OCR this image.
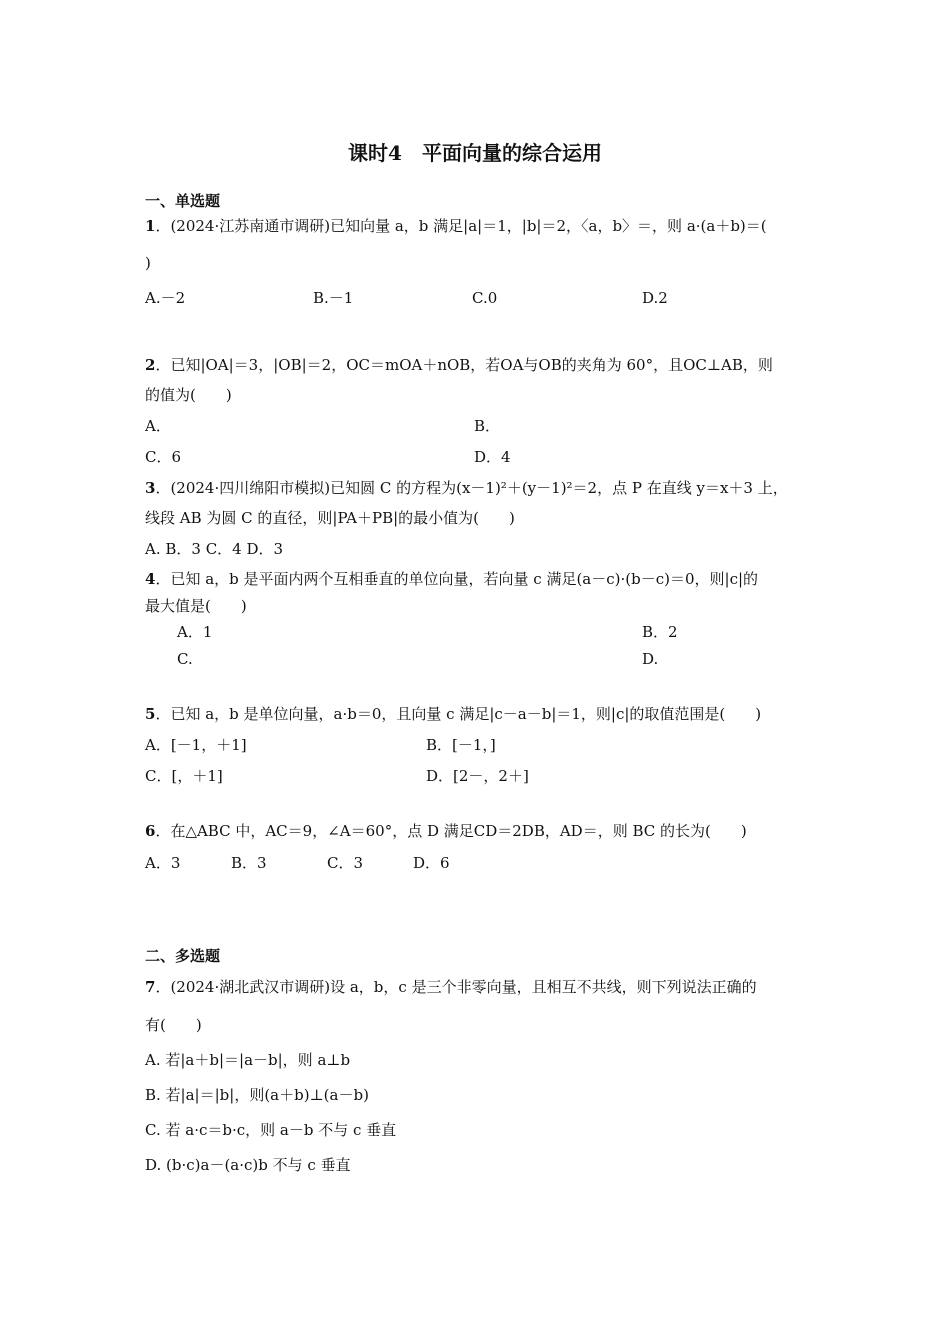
课时4　平面向量的综合运用
一、单选题
1．(2024·江苏南通市调研)已知向量 a，b 满足|a|＝1，|b|＝2，〈a，b〉＝，则 a·(a＋b)＝(
)
A.－2	B.－1	C.0	D.2
2．已知|OA|＝3，|OB|＝2，OC＝mOA＋nOB，若OA与OB的夹角为 60°，且OC⊥AB，则
的值为(　　)
A．	B．
C．6	D．4
3．(2024·四川绵阳市模拟)已知圆 C 的方程为(x－1)²＋(y－1)²＝2，点 P 在直线 y＝x＋3 上，
线段 AB 为圆 C 的直径，则|PA＋PB|的最小值为(　　)
A. B．3 C．4 D．3
4．已知 a，b 是平面内两个互相垂直的单位向量，若向量 c 满足(a－c)·(b－c)＝0，则|c|的
最大值是(　　)
A．1	B．2
C.	D.
5．已知 a，b 是单位向量，a·b＝0，且向量 c 满足|c－a－b|＝1，则|c|的取值范围是(　　)
A．[－1，＋1]	B．[－1，]
C．[，＋1]	D．[2－，2＋]
6．在△ABC 中，AC＝9，∠A＝60°，点 D 满足CD＝2DB，AD＝，则 BC 的长为(　　)
A．3	B．3	C．3	D．6
二、多选题
7．(2024·湖北武汉市调研)设 a，b，c 是三个非零向量，且相互不共线，则下列说法正确的
有(　　)
A. 若|a＋b|＝|a－b|，则 a⊥b
B. 若|a|＝|b|，则(a＋b)⊥(a－b)
C. 若 a·c＝b·c，则 a－b 不与 c 垂直
D. (b·c)a－(a·c)b 不与 c 垂直
